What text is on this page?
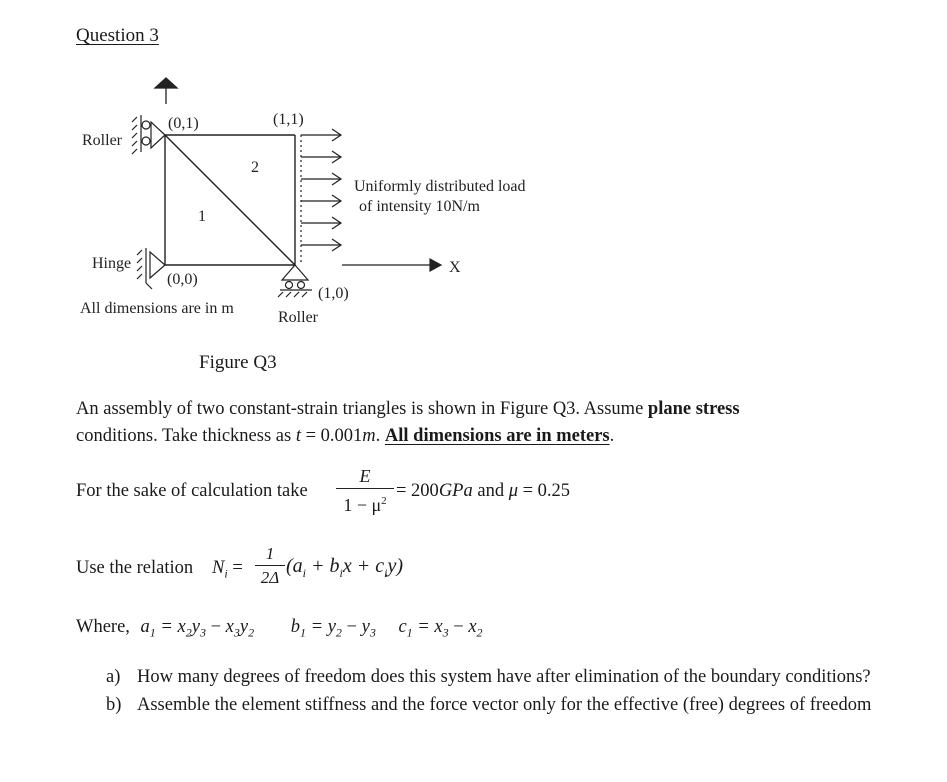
Question 3
(0,1)	(1,1)
(0,0)
(1,0)
1
2
Roller
Hinge
Roller
Uniformly distributed load
of intensity 10N/m
X
All dimensions are in m
Figure Q3
An assembly of two constant-strain triangles is shown in Figure Q3. Assume plane stress
conditions. Take thickness as t = 0.001m. All dimensions are in meters.
For the sake of calculation take
E
$1 - \mu^2 = 200GPa$ and μ = 0.25
Use the relation $N_i$ =
1
2Δ
$(a_i + b_ix + c_iy)$
Where, $a_1 = x_2y_3 - x_3y_2$ $b_1 = y_2 - y_3$ $c_1 = x_3 - x_2$
a) How many degrees of freedom does this system have after elimination of the boundary conditions?
b) Assemble the element stiffness and the force vector only for the effective (free) degrees of freedom
